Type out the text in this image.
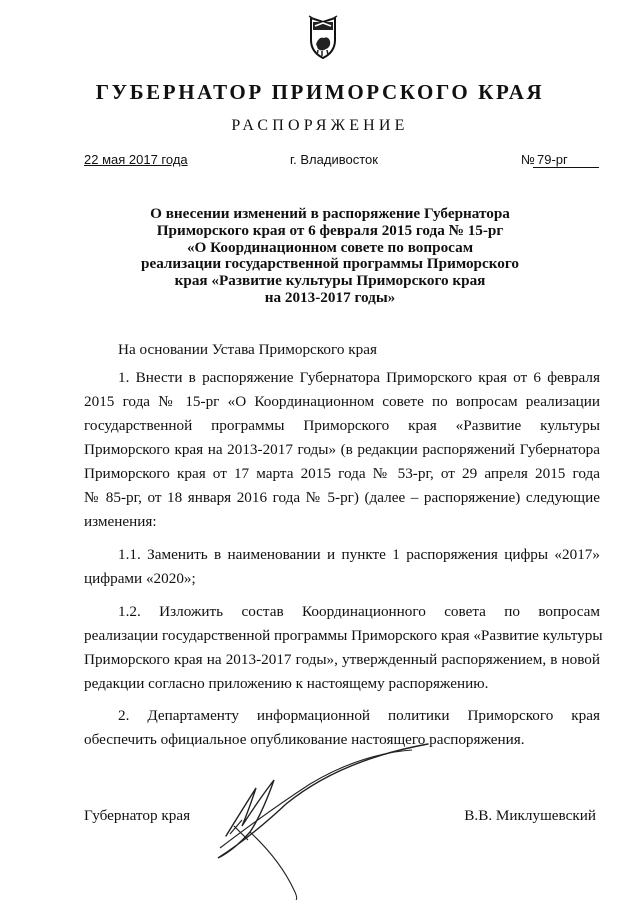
ГУБЕРНАТОР ПРИМОРСКОГО КРАЯ
РАСПОРЯЖЕНИЕ
22 мая 2017 года	г. Владивосток	№ 79-рг
О внесении изменений в распоряжение Губернатора
Приморского края от 6 февраля 2015 года № 15-рг
«О Координационном совете по вопросам
реализации государственной программы Приморского
края «Развитие культуры Приморского края
на 2013-2017 годы»
На основании Устава Приморского края
1. Внести в распоряжение Губернатора Приморского края от 6 февраля
2015 года № 15-рг «О Координационном совете по вопросам реализации
государственной программы Приморского края «Развитие культуры
Приморского края на 2013-2017 годы» (в редакции распоряжений Губернатора
Приморского края от 17 марта 2015 года № 53-рг, от 29 апреля 2015 года
№ 85-рг, от 18 января 2016 года № 5-рг) (далее – распоряжение) следующие
изменения:
1.1. Заменить в наименовании и пункте 1 распоряжения цифры «2017»
цифрами «2020»;
1.2. Изложить состав Координационного совета по вопросам
реализации государственной программы Приморского края «Развитие культуры
Приморского края на 2013-2017 годы», утвержденный распоряжением, в новой
редакции согласно приложению к настоящему распоряжению.
2. Департаменту информационной политики Приморского края
обеспечить официальное опубликование настоящего распоряжения.
Губернатор края	В.В. Миклушевский
